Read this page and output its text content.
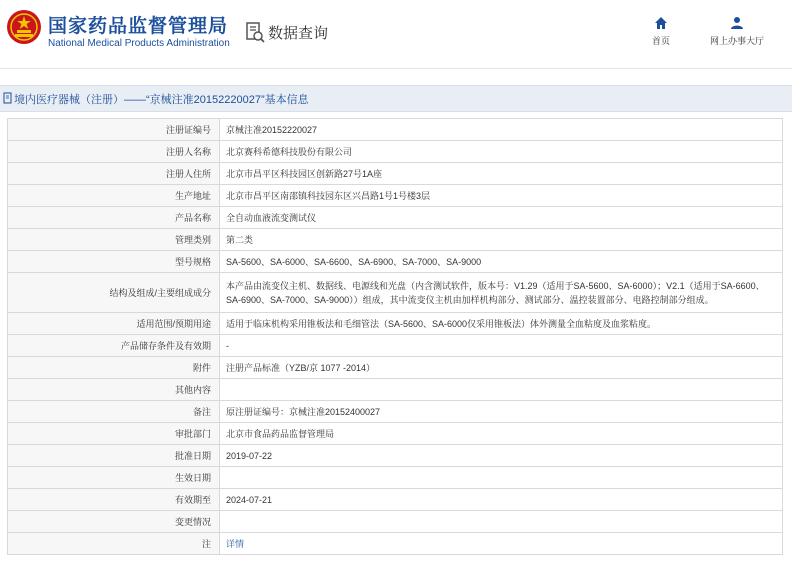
国家药品监督管理局
National Medical Products Administration
数据查询	首页	网上办事大厅
境内医疗器械（注册）——“京械注准20152220027”基本信息
注册证编号	京械注准20152220027
注册人名称	北京赛科希德科技股份有限公司
注册人住所	北京市昌平区科技园区创新路27号1A座
生产地址	北京市昌平区南邵镇科技园东区兴昌路1号1号楼3层
产品名称	全自动血液流变测试仪
管理类别	第二类
型号规格	SA-5600、SA-6000、SA-6600、SA-6900、SA-7000、SA-9000
结构及组成/主要组成成分	本产品由流变仪主机、数据线、电源线和光盘（内含测试软件，版本号：V1.29（适用于SA-5600、SA-6000）；V2.1（适用于SA-6600、SA-6900、SA-7000、SA-9000））组成，其中流变仪主机由加样机构部分、测试部分、温控装置部分、电路控制部分组成。
适用范围/预期用途	适用于临床机构采用锥板法和毛细管法（SA-5600、SA-6000仅采用锥板法）体外测量全血粘度及血浆粘度。
产品储存条件及有效期	-
附件	注册产品标准（YZB/京 1077 -2014）
其他内容	
备注	原注册证编号：京械注准20152400027
审批部门	北京市食品药品监督管理局
批准日期	2019-07-22
生效日期	
有效期至	2024-07-21
变更情况	
注	详情
